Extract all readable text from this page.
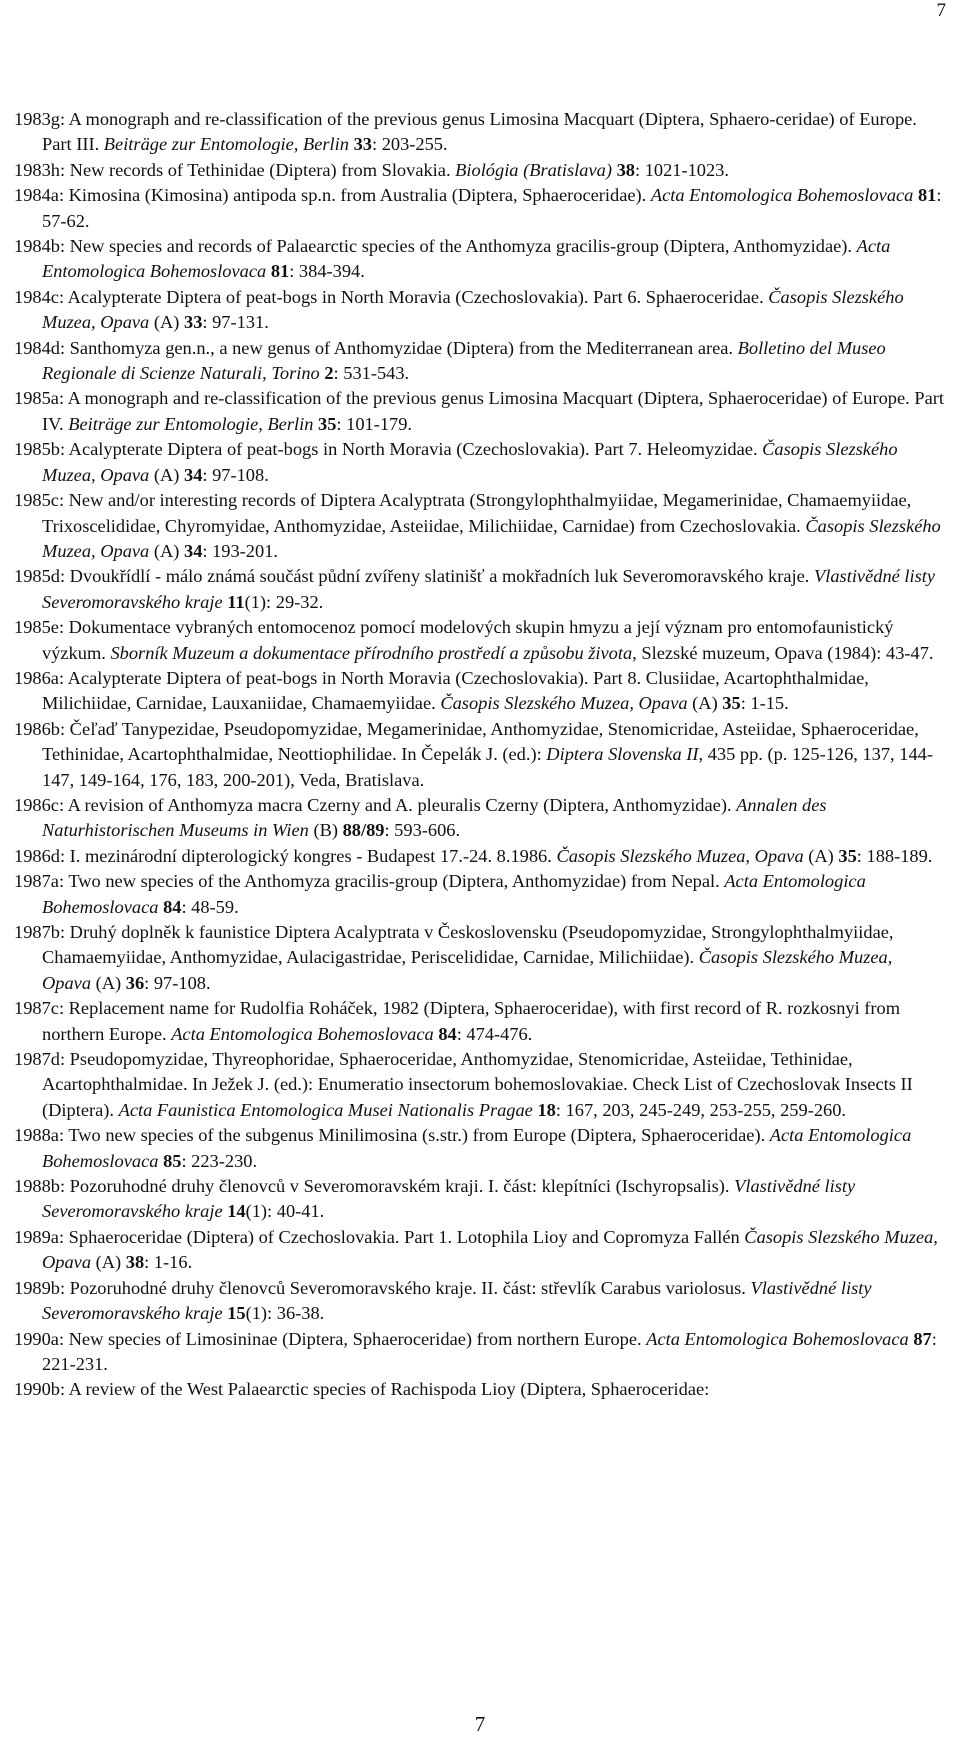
7

1983g: A monograph and re-classification of the previous genus Limosina Macquart (Diptera, Sphaero-ceridae) of Europe. Part III. Beiträge zur Entomologie, Berlin 33: 203-255.

1983h: New records of Tethinidae (Diptera) from Slovakia. Biológia (Bratislava) 38: 1021-1023.

1984a: Kimosina (Kimosina) antipoda sp.n. from Australia (Diptera, Sphaeroceridae). Acta Entomologica Bohemoslovaca 81: 57-62.

1984b: New species and records of Palaearctic species of the Anthomyza gracilis-group (Diptera, Anthomyzidae). Acta Entomologica Bohemoslovaca 81: 384-394.

1984c: Acalypterate Diptera of peat-bogs in North Moravia (Czechoslovakia). Part 6. Sphaeroceridae. Časopis Slezského Muzea, Opava (A) 33: 97-131.

1984d: Santhomyza gen.n., a new genus of Anthomyzidae (Diptera) from the Mediterranean area. Bolletino del Museo Regionale di Scienze Naturali, Torino 2: 531-543.

1985a: A monograph and re-classification of the previous genus Limosina Macquart (Diptera, Sphaeroceridae) of Europe. Part IV. Beiträge zur Entomologie, Berlin 35: 101-179.

1985b: Acalypterate Diptera of peat-bogs in North Moravia (Czechoslovakia). Part 7. Heleomyzidae. Časopis Slezského Muzea, Opava (A) 34: 97-108.

1985c: New and/or interesting records of Diptera Acalyptrata (Strongylophthalmyiidae, Megamerinidae, Chamaemyiidae, Trixoscelididae, Chyromyidae, Anthomyzidae, Asteiidae, Milichiidae, Carnidae) from Czechoslovakia. Časopis Slezského Muzea, Opava (A) 34: 193-201.

1985d: Dvoukřídlí - málo známá součást půdní zvířeny slatinišť a mokřadních luk Severomoravského kraje. Vlastivědné listy Severomoravského kraje 11(1): 29-32.

1985e: Dokumentace vybraných entomocenoz pomocí modelových skupin hmyzu a její význam pro entomofaunistický výzkum. Sborník Muzeum a dokumentace přírodního prostředí a způsobu života, Slezské muzeum, Opava (1984): 43-47.

1986a: Acalypterate Diptera of peat-bogs in North Moravia (Czechoslovakia). Part 8. Clusiidae, Acartophthalmidae, Milichiidae, Carnidae, Lauxaniidae, Chamaemyiidae. Časopis Slezského Muzea, Opava (A) 35: 1-15.

1986b: Čeľaď Tanypezidae, Pseudopomyzidae, Megamerinidae, Anthomyzidae, Stenomicridae, Asteiidae, Sphaeroceridae, Tethinidae, Acartophthalmidae, Neottiophilidae. In Čepelák J. (ed.): Diptera Slovenska II, 435 pp. (p. 125-126, 137, 144-147, 149-164, 176, 183, 200-201), Veda, Bratislava.

1986c: A revision of Anthomyza macra Czerny and A. pleuralis Czerny (Diptera, Anthomyzidae). Annalen des Naturhistorischen Museums in Wien (B) 88/89: 593-606.

1986d: I. mezinárodní dipterologický kongres - Budapest 17.-24. 8.1986. Časopis Slezského Muzea, Opava (A) 35: 188-189.

1987a: Two new species of the Anthomyza gracilis-group (Diptera, Anthomyzidae) from Nepal. Acta Entomologica Bohemoslovaca 84: 48-59.

1987b: Druhý doplněk k faunistice Diptera Acalyptrata v Československu (Pseudopomyzidae, Strongylophthalmyiidae, Chamaemyiidae, Anthomyzidae, Aulacigastridae, Periscelididae, Carnidae, Milichiidae). Časopis Slezského Muzea, Opava (A) 36: 97-108.

1987c: Replacement name for Rudolfia Roháček, 1982 (Diptera, Sphaeroceridae), with first record of R. rozkosnyi from northern Europe. Acta Entomologica Bohemoslovaca 84: 474-476.

1987d: Pseudopomyzidae, Thyreophoridae, Sphaeroceridae, Anthomyzidae, Stenomicridae, Asteiidae, Tethinidae, Acartophthalmidae. In Ježek J. (ed.): Enumeratio insectorum bohemoslovakiae. Check List of Czechoslovak Insects II (Diptera). Acta Faunistica Entomologica Musei Nationalis Pragae 18: 167, 203, 245-249, 253-255, 259-260.

1988a: Two new species of the subgenus Minilimosina (s.str.) from Europe (Diptera, Sphaeroceridae). Acta Entomologica Bohemoslovaca 85: 223-230.

1988b: Pozoruhodné druhy členovců v Severomoravském kraji. I. část: klepítníci (Ischyropsalis). Vlastivědné listy Severomoravského kraje 14(1): 40-41.

1989a: Sphaeroceridae (Diptera) of Czechoslovakia. Part 1. Lotophila Lioy and Copromyza Fallén Časopis Slezského Muzea, Opava (A) 38: 1-16.

1989b: Pozoruhodné druhy členovců Severomoravského kraje. II. část: střevlík Carabus variolosus. Vlastivědné listy Severomoravského kraje 15(1): 36-38.

1990a: New species of Limosininae (Diptera, Sphaeroceridae) from northern Europe. Acta Entomologica Bohemoslovaca 87: 221-231.

1990b: A review of the West Palaearctic species of Rachispoda Lioy (Diptera, Sphaeroceridae:

7
